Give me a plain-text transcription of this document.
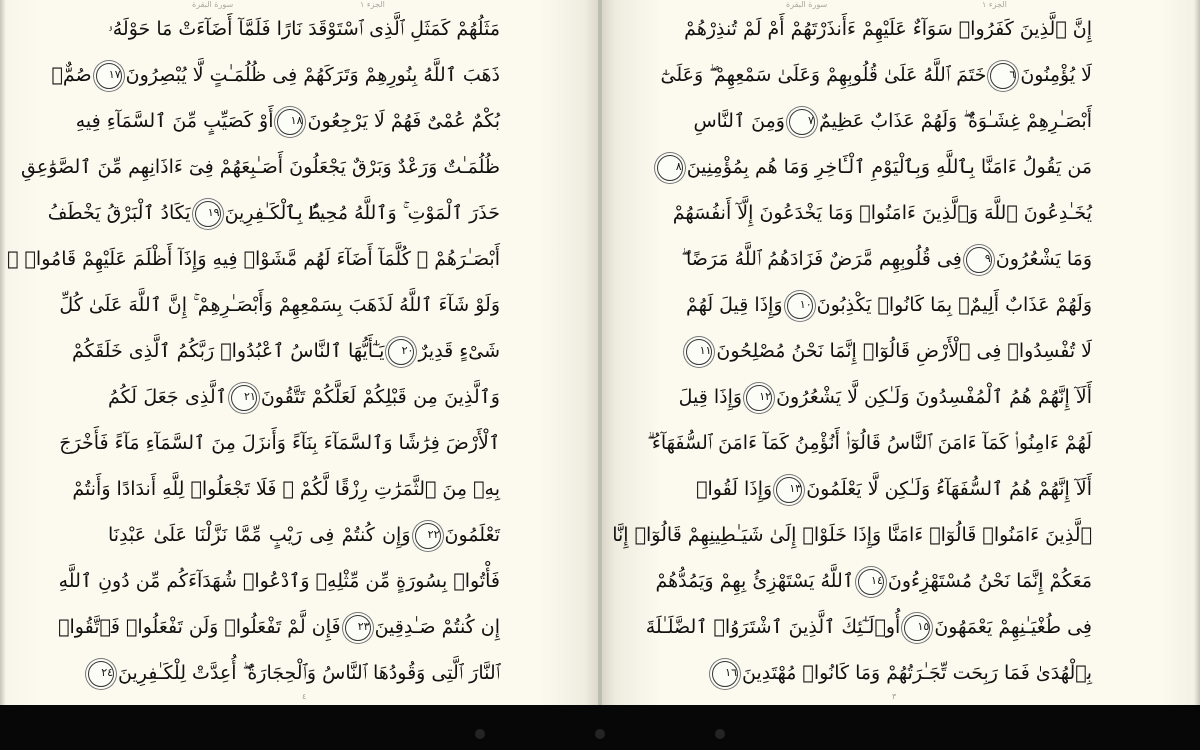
سورة البقرة	الجزء ١
مَثَلُهُمْ كَمَثَلِ ٱلَّذِى ٱسْتَوْقَدَ نَارًا فَلَمَّآ أَضَآءَتْ مَا حَوْلَهُۥ
ذَهَبَ ٱللَّهُ بِنُورِهِمْ وَتَرَكَهُمْ فِى ظُلُمَـٰتٍ لَّا يُبْصِرُونَ١٧صُمٌّۢ
بُكْمٌ عُمْىٌ فَهُمْ لَا يَرْجِعُونَ١٨أَوْ كَصَيِّبٍ مِّنَ ٱلسَّمَآءِ فِيهِ
ظُلُمَـٰتٌ وَرَعْدٌ وَبَرْقٌ يَجْعَلُونَ أَصَـٰبِعَهُمْ فِىٓ ءَاذَانِهِم مِّنَ ٱلصَّوَٰعِقِ
حَذَرَ ٱلْمَوْتِ ۚ وَٱللَّهُ مُحِيطٌۢ بِٱلْكَـٰفِرِينَ١٩يَكَادُ ٱلْبَرْقُ يَخْطَفُ
أَبْصَـٰرَهُمْ ۖ كُلَّمَآ أَضَآءَ لَهُم مَّشَوْا۟ فِيهِ وَإِذَآ أَظْلَمَ عَلَيْهِمْ قَامُوا۟ ۚ
وَلَوْ شَآءَ ٱللَّهُ لَذَهَبَ بِسَمْعِهِمْ وَأَبْصَـٰرِهِمْ ۚ إِنَّ ٱللَّهَ عَلَىٰ كُلِّ
شَىْءٍ قَدِيرٌ٢٠يَـٰٓأَيُّهَا ٱلنَّاسُ ٱعْبُدُوا۟ رَبَّكُمُ ٱلَّذِى خَلَقَكُمْ
وَٱلَّذِينَ مِن قَبْلِكُمْ لَعَلَّكُمْ تَتَّقُونَ٢١ٱلَّذِى جَعَلَ لَكُمُ
ٱلْأَرْضَ فِرَٰشًا وَٱلسَّمَآءَ بِنَآءً وَأَنزَلَ مِنَ ٱلسَّمَآءِ مَآءً فَأَخْرَجَ
بِهِۦ مِنَ ٱلثَّمَرَٰتِ رِزْقًا لَّكُمْ ۖ فَلَا تَجْعَلُوا۟ لِلَّهِ أَندَادًا وَأَنتُمْ
تَعْلَمُونَ٢٢وَإِن كُنتُمْ فِى رَيْبٍ مِّمَّا نَزَّلْنَا عَلَىٰ عَبْدِنَا
فَأْتُوا۟ بِسُورَةٍ مِّن مِّثْلِهِۦ وَٱدْعُوا۟ شُهَدَآءَكُم مِّن دُونِ ٱللَّهِ
إِن كُنتُمْ صَـٰدِقِينَ٢٣فَإِن لَّمْ تَفْعَلُوا۟ وَلَن تَفْعَلُوا۟ فَٱتَّقُوا۟
ٱلنَّارَ ٱلَّتِى وَقُودُهَا ٱلنَّاسُ وَٱلْحِجَارَةُ ۖ أُعِدَّتْ لِلْكَـٰفِرِينَ٢٤
٤
سورة البقرة	الجزء ١
إِنَّ ٱلَّذِينَ كَفَرُوا۟ سَوَآءٌ عَلَيْهِمْ ءَأَنذَرْتَهُمْ أَمْ لَمْ تُنذِرْهُمْ
لَا يُؤْمِنُونَ٦خَتَمَ ٱللَّهُ عَلَىٰ قُلُوبِهِمْ وَعَلَىٰ سَمْعِهِمْ ۖ وَعَلَىٰٓ
أَبْصَـٰرِهِمْ غِشَـٰوَةٌ ۖ وَلَهُمْ عَذَابٌ عَظِيمٌ٧وَمِنَ ٱلنَّاسِ
مَن يَقُولُ ءَامَنَّا بِٱللَّهِ وَبِٱلْيَوْمِ ٱلْـَٔاخِرِ وَمَا هُم بِمُؤْمِنِينَ٨
يُخَـٰدِعُونَ ٱللَّهَ وَٱلَّذِينَ ءَامَنُوا۟ وَمَا يَخْدَعُونَ إِلَّآ أَنفُسَهُمْ
وَمَا يَشْعُرُونَ٩فِى قُلُوبِهِم مَّرَضٌ فَزَادَهُمُ ٱللَّهُ مَرَضًا ۖ
وَلَهُمْ عَذَابٌ أَلِيمٌۢ بِمَا كَانُوا۟ يَكْذِبُونَ١٠وَإِذَا قِيلَ لَهُمْ
لَا تُفْسِدُوا۟ فِى ٱلْأَرْضِ قَالُوٓا۟ إِنَّمَا نَحْنُ مُصْلِحُونَ١١
أَلَآ إِنَّهُمْ هُمُ ٱلْمُفْسِدُونَ وَلَـٰكِن لَّا يَشْعُرُونَ١٢وَإِذَا قِيلَ
لَهُمْ ءَامِنُوا۟ كَمَآ ءَامَنَ ٱلنَّاسُ قَالُوٓا۟ أَنُؤْمِنُ كَمَآ ءَامَنَ ٱلسُّفَهَآءُ ۗ
أَلَآ إِنَّهُمْ هُمُ ٱلسُّفَهَآءُ وَلَـٰكِن لَّا يَعْلَمُونَ١٣وَإِذَا لَقُوا۟
ٱلَّذِينَ ءَامَنُوا۟ قَالُوٓا۟ ءَامَنَّا وَإِذَا خَلَوْا۟ إِلَىٰ شَيَـٰطِينِهِمْ قَالُوٓا۟ إِنَّا
مَعَكُمْ إِنَّمَا نَحْنُ مُسْتَهْزِءُونَ١٤ٱللَّهُ يَسْتَهْزِئُ بِهِمْ وَيَمُدُّهُمْ
فِى طُغْيَـٰنِهِمْ يَعْمَهُونَ١٥أُو۟لَـٰٓئِكَ ٱلَّذِينَ ٱشْتَرَوُا۟ ٱلضَّلَـٰلَةَ
بِٱلْهُدَىٰ فَمَا رَبِحَت تِّجَـٰرَتُهُمْ وَمَا كَانُوا۟ مُهْتَدِينَ١٦
٣
